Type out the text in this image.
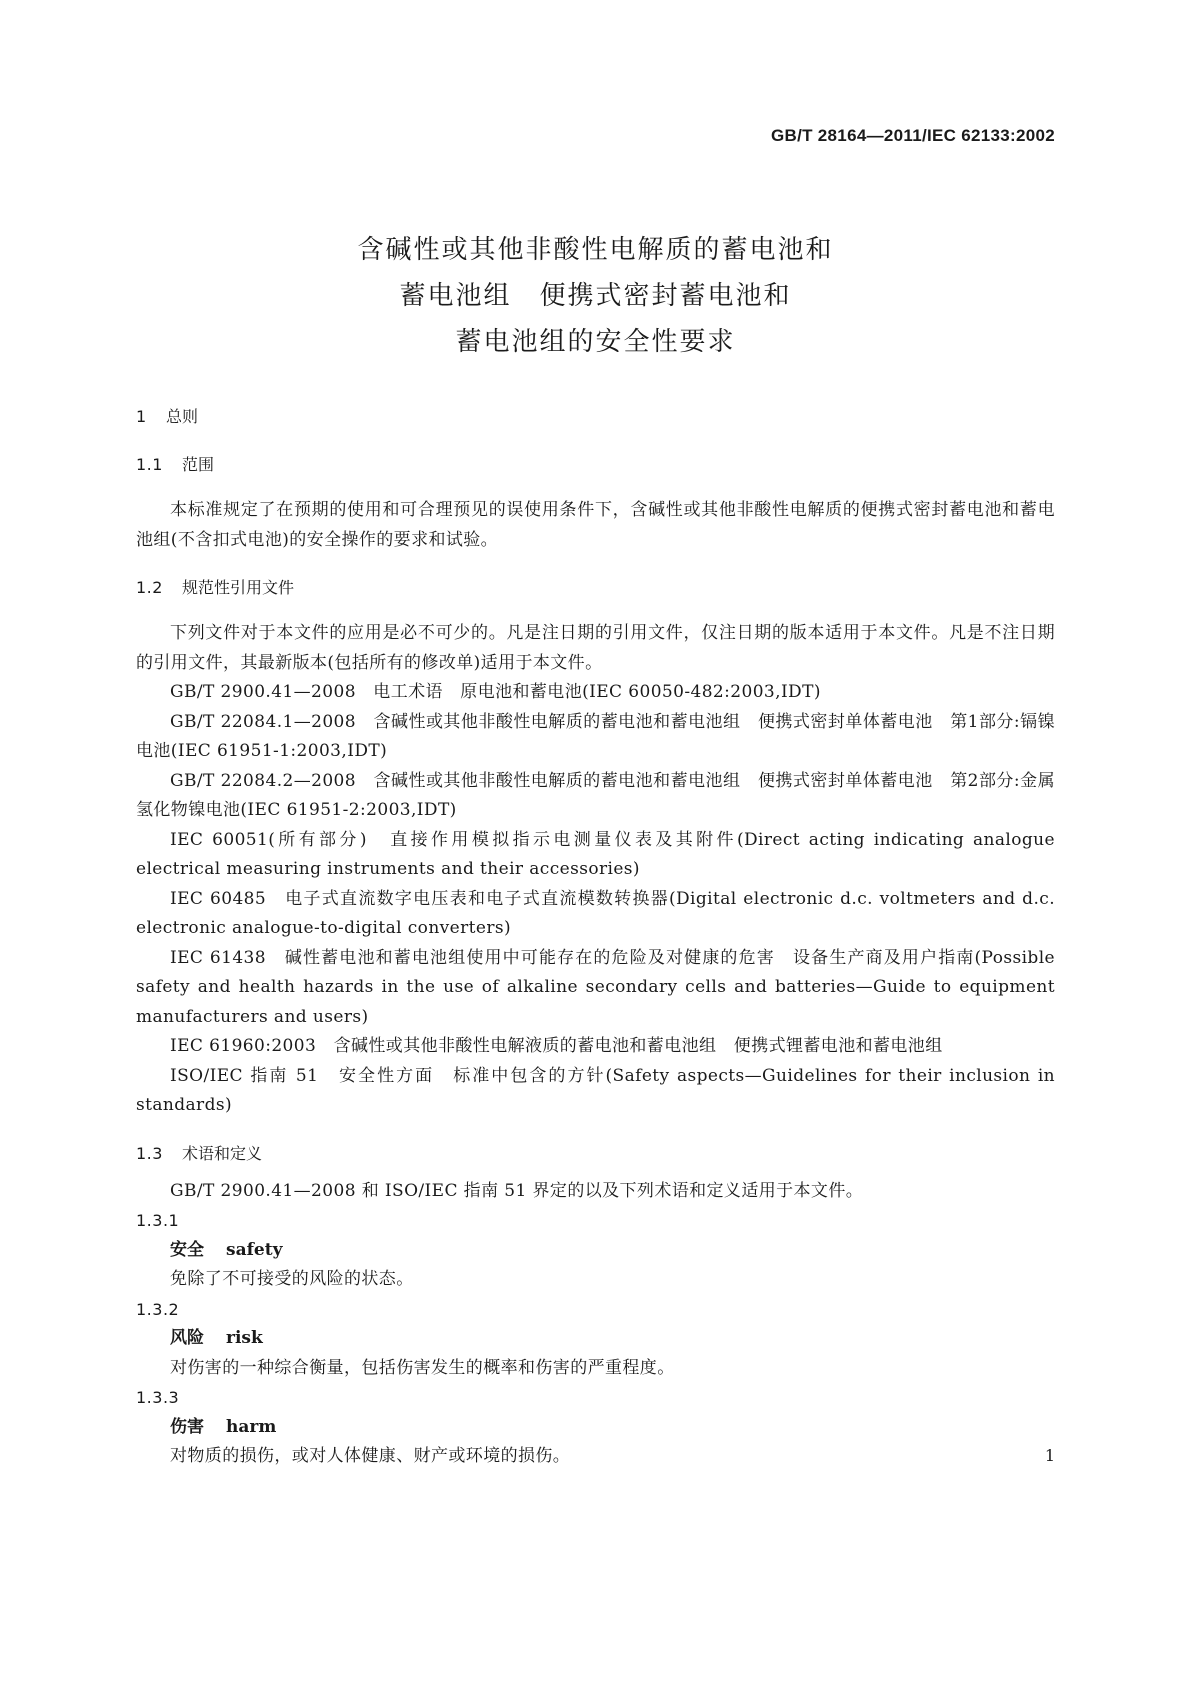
GB/T 28164—2011/IEC 62133:2002
含碱性或其他非酸性电解质的蓄电池和
蓄电池组　便携式密封蓄电池和
蓄电池组的安全性要求
1 总则
1.1 范围
本标准规定了在预期的使用和可合理预见的误使用条件下，含碱性或其他非酸性电解质的便携式密封蓄电池和蓄电池组(不含扣式电池)的安全操作的要求和试验。
1.2 规范性引用文件
下列文件对于本文件的应用是必不可少的。凡是注日期的引用文件，仅注日期的版本适用于本文件。凡是不注日期的引用文件，其最新版本(包括所有的修改单)适用于本文件。
GB/T 2900.41—2008　电工术语　原电池和蓄电池(IEC 60050-482:2003,IDT)
GB/T 22084.1—2008　含碱性或其他非酸性电解质的蓄电池和蓄电池组　便携式密封单体蓄电池　第1部分:镉镍电池(IEC 61951-1:2003,IDT)
GB/T 22084.2—2008　含碱性或其他非酸性电解质的蓄电池和蓄电池组　便携式密封单体蓄电池　第2部分:金属氢化物镍电池(IEC 61951-2:2003,IDT)
IEC 60051(所有部分)　直接作用模拟指示电测量仪表及其附件(Direct acting indicating analogue electrical measuring instruments and their accessories)
IEC 60485　电子式直流数字电压表和电子式直流模数转换器(Digital electronic d.c. voltmeters and d.c. electronic analogue-to-digital converters)
IEC 61438　碱性蓄电池和蓄电池组使用中可能存在的危险及对健康的危害　设备生产商及用户指南(Possible safety and health hazards in the use of alkaline secondary cells and batteries—Guide to equipment manufacturers and users)
IEC 61960:2003　含碱性或其他非酸性电解液质的蓄电池和蓄电池组　便携式锂蓄电池和蓄电池组
ISO/IEC 指南 51　安全性方面　标准中包含的方针(Safety aspects—Guidelines for their inclusion in standards)
1.3 术语和定义
GB/T 2900.41—2008 和 ISO/IEC 指南 51 界定的以及下列术语和定义适用于本文件。
1.3.1
安全 safety
免除了不可接受的风险的状态。
1.3.2
风险 risk
对伤害的一种综合衡量，包括伤害发生的概率和伤害的严重程度。
1.3.3
伤害 harm
对物质的损伤，或对人体健康、财产或环境的损伤。	1
